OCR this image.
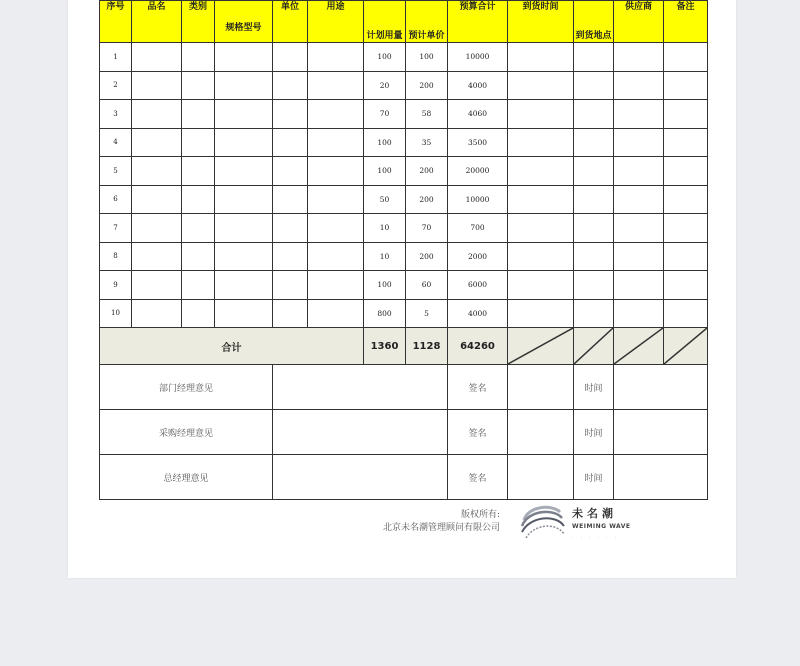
序号	品名	类别	规格型号	单位	用途	计划用量	预计单价	预算合计	到货时间	到货地点	供应商	备注
1						100	100	10000				
2						20	200	4000				
3						70	58	4060				
4						100	35	3500				
5						100	200	20000				
6						50	200	10000				
7						10	70	700				
8						10	200	2000				
9						100	60	6000				
10						800	5	4000				
合计						1360	1128	64260	

部门经理意见								签名		时间		
采购经理意见								签名		时间		
总经理意见								签名		时间		
版权所有:
北京未名潮管理顾问有限公司
未名潮
WEIMING WAVE
· · · · · ·
